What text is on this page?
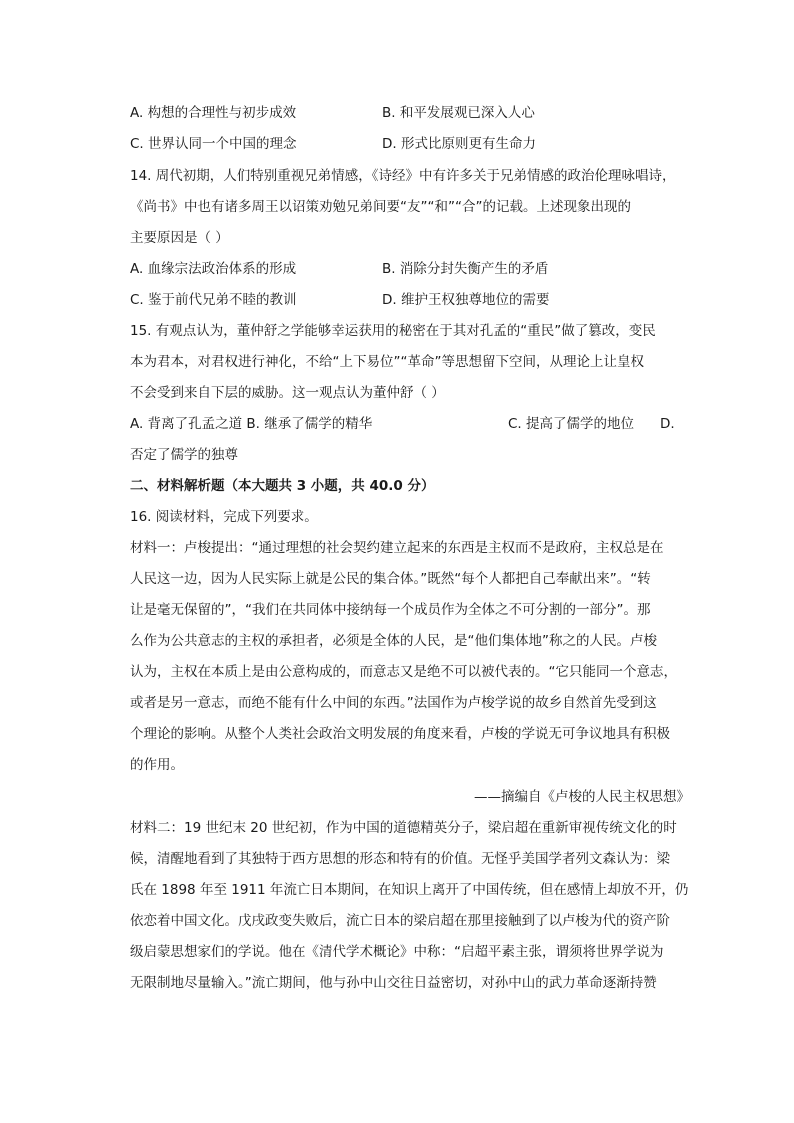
A. 构想的合理性与初步成效	B. 和平发展观已深入人心
C. 世界认同一个中国的理念	D. 形式比原则更有生命力
14. 周代初期，人们特别重视兄弟情感，《诗经》中有许多关于兄弟情感的政治伦理咏唱诗，
《尚书》中也有诸多周王以诏策劝勉兄弟间要“友”“和”“合”的记载。上述现象出现的
主要原因是（ ）
A. 血缘宗法政治体系的形成	B. 消除分封失衡产生的矛盾
C. 鉴于前代兄弟不睦的教训	D. 维护王权独尊地位的需要
15. 有观点认为，董仲舒之学能够幸运获用的秘密在于其对孔孟的“重民”做了篡改，变民
本为君本，对君权进行神化，不给“上下易位”“革命”等思想留下空间，从理论上让皇权
不会受到来自下层的威胁。这一观点认为董仲舒（ ）
A. 背离了孔孟之道 B. 继承了儒学的精华	C. 提高了儒学的地位 D.
否定了儒学的独尊
二、材料解析题（本大题共 3 小题，共 40.0 分）
16. 阅读材料，完成下列要求。
材料一：卢梭提出：“通过理想的社会契约建立起来的东西是主权而不是政府，主权总是在
人民这一边，因为人民实际上就是公民的集合体。”既然“每个人都把自己奉献出来”。“转
让是毫无保留的”，“我们在共同体中接纳每一个成员作为全体之不可分割的一部分”。那
么作为公共意志的主权的承担者，必须是全体的人民，是“他们集体地”称之的人民。卢梭
认为，主权在本质上是由公意构成的，而意志又是绝不可以被代表的。“它只能同一个意志，
或者是另一意志，而绝不能有什么中间的东西。”法国作为卢梭学说的故乡自然首先受到这
个理论的影响。从整个人类社会政治文明发展的角度来看，卢梭的学说无可争议地具有积极
的作用。
——摘编自《卢梭的人民主权思想》
材料二：19 世纪末 20 世纪初，作为中国的道德精英分子，梁启超在重新审视传统文化的时
候，清醒地看到了其独特于西方思想的形态和特有的价值。无怪乎美国学者列文森认为：梁
氏在 1898 年至 1911 年流亡日本期间，在知识上离开了中国传统，但在感情上却放不开，仍
依恋着中国文化。戊戌政变失败后，流亡日本的梁启超在那里接触到了以卢梭为代的资产阶
级启蒙思想家们的学说。他在《清代学术概论》中称：“启超平素主张，谓须将世界学说为
无限制地尽量输入。”流亡期间，他与孙中山交往日益密切，对孙中山的武力革命逐渐持赞
